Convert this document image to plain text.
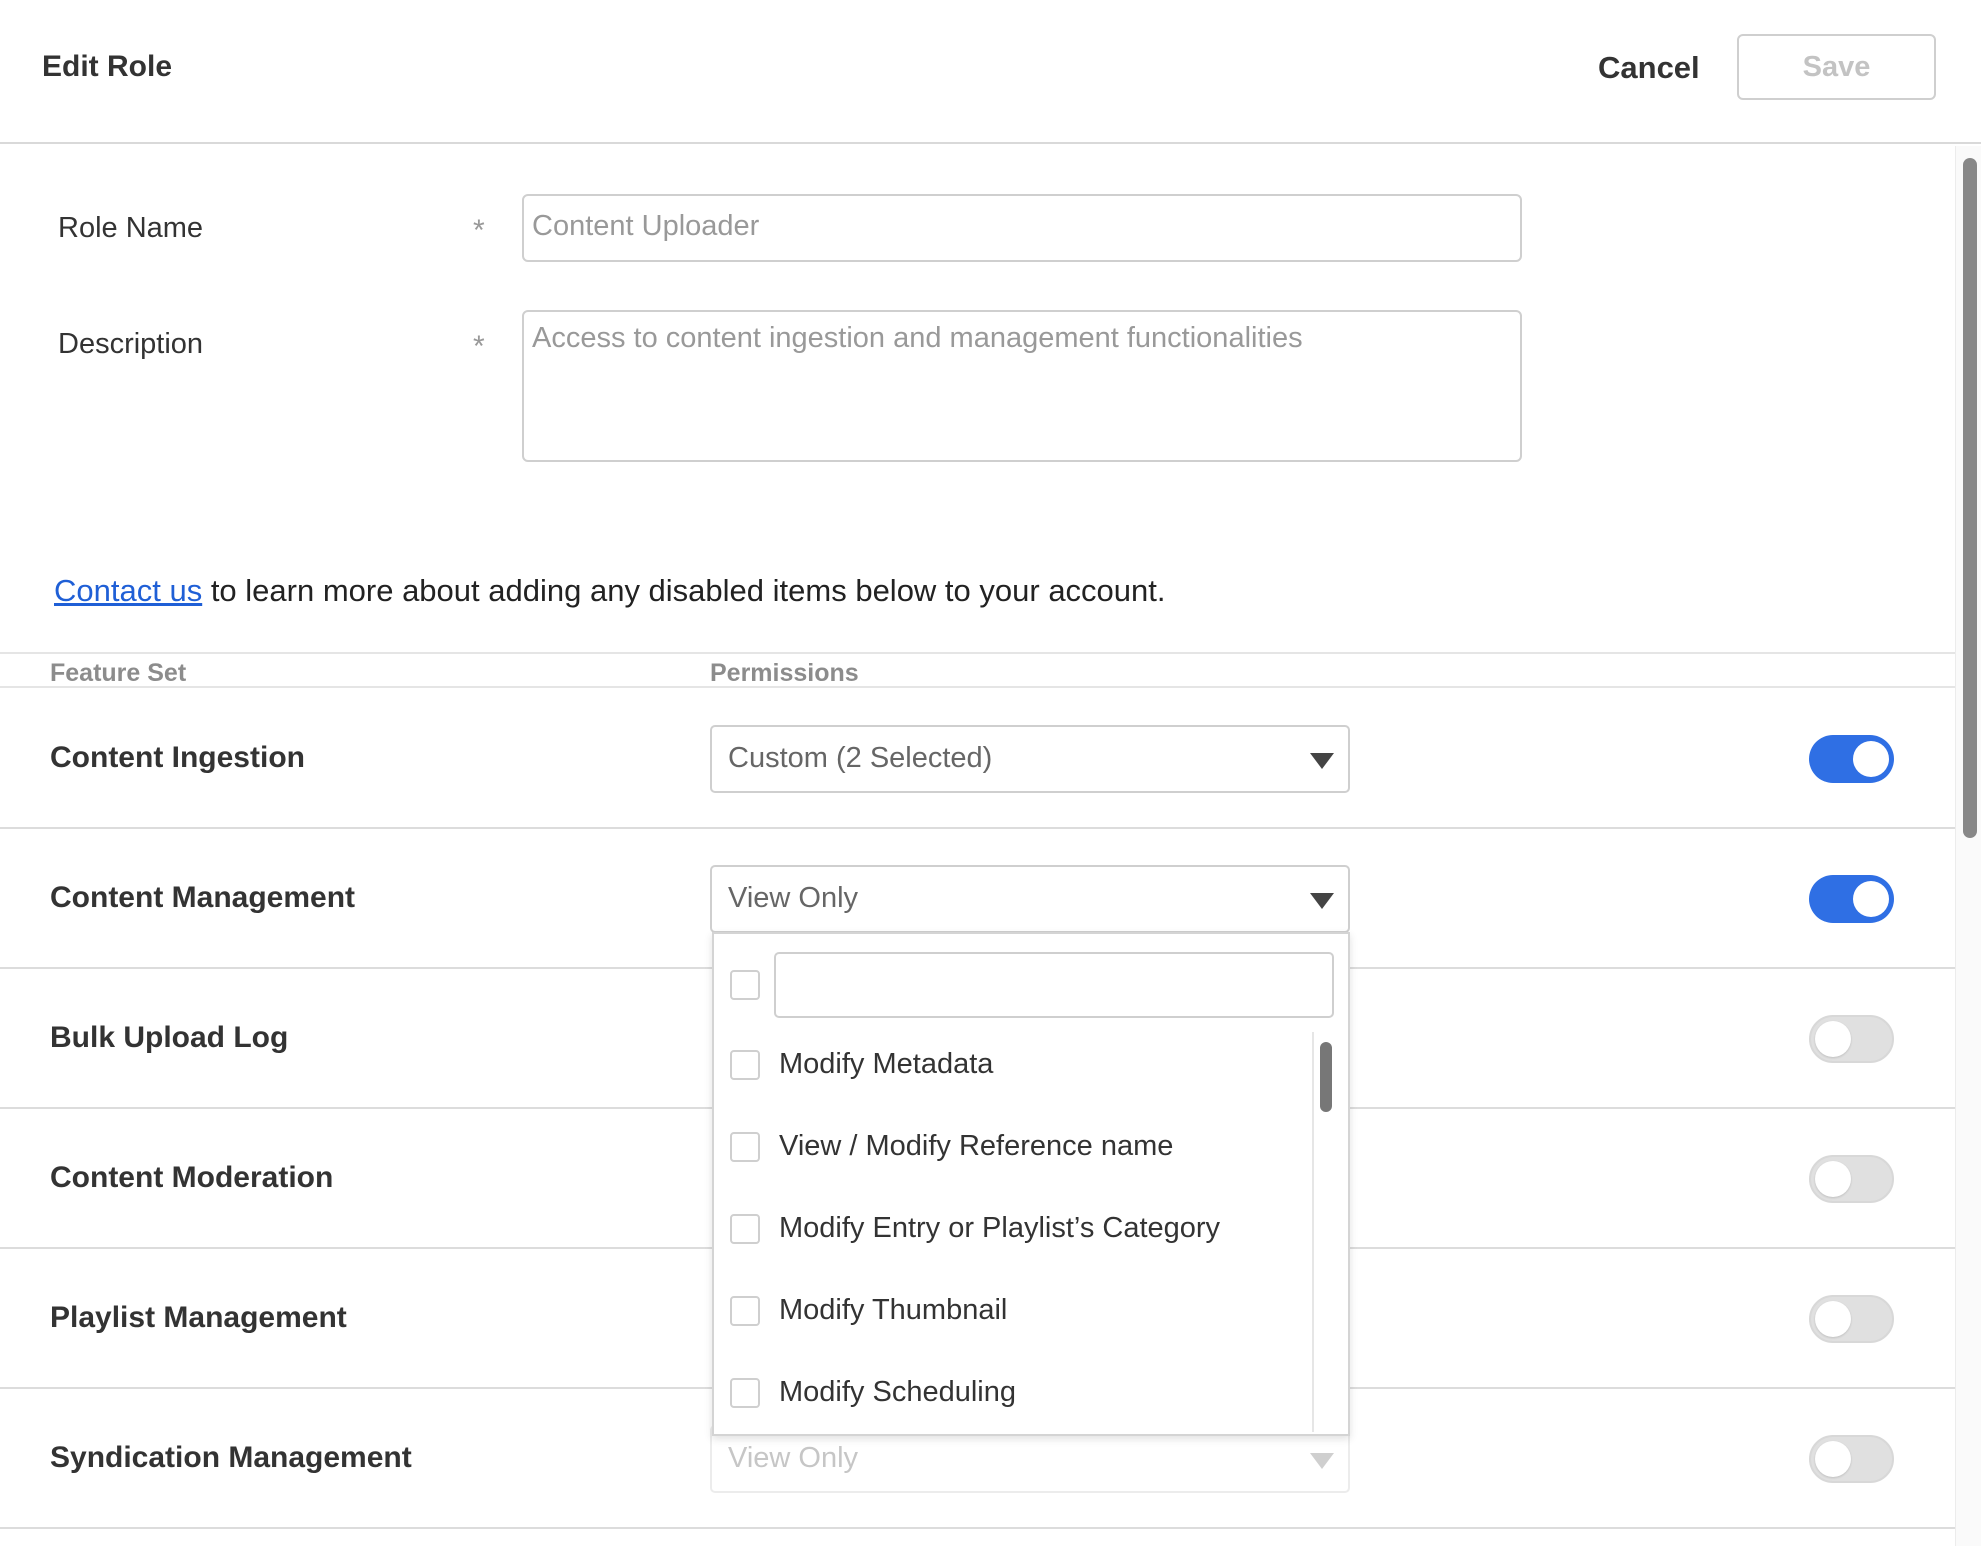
Edit Role	Cancel	Save
Role Name	*	Content Uploader
Description	*	Access to content ingestion and management functionalities
Contact us to learn more about adding any disabled items below to your account.
Feature Set	Permissions
Content Ingestion	Custom (2 Selected)
Content Management	View Only
Bulk Upload Log
Content Moderation
Playlist Management
Syndication Management	View Only
Modify Metadata
View / Modify Reference name
Modify Entry or Playlist’s Category
Modify Thumbnail
Modify Scheduling
